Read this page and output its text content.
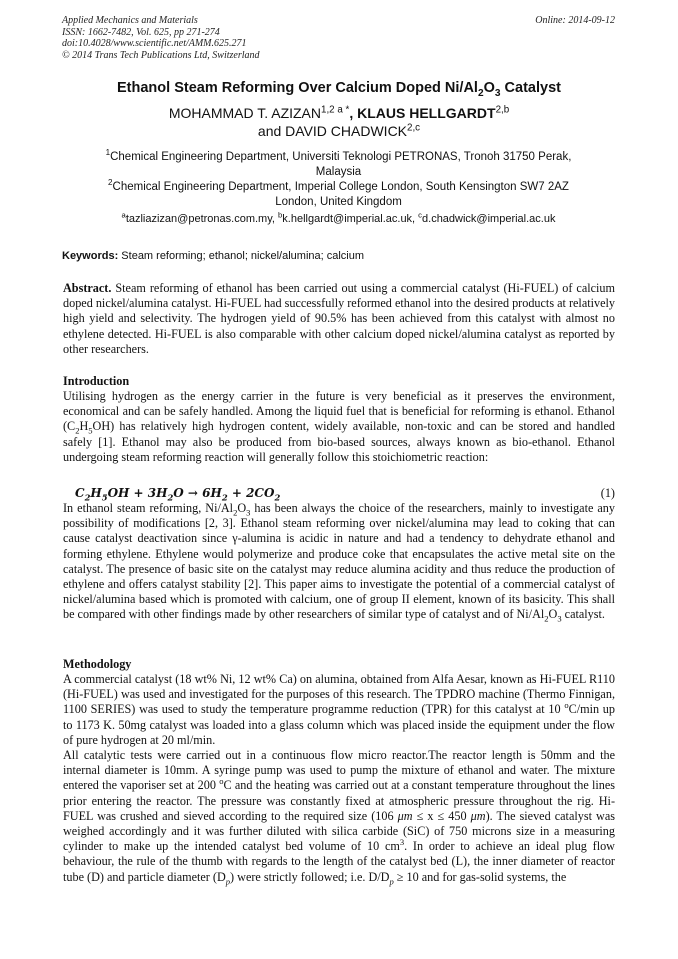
Applied Mechanics and Materials
ISSN: 1662-7482, Vol. 625, pp 271-274
doi:10.4028/www.scientific.net/AMM.625.271
© 2014 Trans Tech Publications Ltd, Switzerland
Online: 2014-09-12
Ethanol Steam Reforming Over Calcium Doped $Ni/Al_2O_3$ Catalyst
MOHAMMAD T. $AZIZAN^{1,2 a *}$, KLAUS HELLGARDT$^{2,b}$
and DAVID CHADWICK$^{2,c}$
$^1$Chemical Engineering Department, Universiti Teknologi PETRONAS, Tronoh 31750 Perak,
Malaysia
$^2$Chemical Engineering Department, Imperial College London, South Kensington SW7 2AZ
London, United Kingdom
$^a$tazliazizan@petronas.com.my, $^b$k.hellgardt@imperial.ac.uk, $^c$d.chadwick@imperial.ac.uk
Keywords: Steam reforming; ethanol; nickel/alumina; calcium

Abstract. Steam reforming of ethanol has been carried out using a commercial catalyst (Hi-FUEL) of calcium doped nickel/alumina catalyst. Hi-FUEL had successfully reformed ethanol into the desired products at relatively high yield and selectivity. The hydrogen yield of 90.5% has been achieved from this catalyst with almost no ethylene detected. Hi-FUEL is also comparable with other calcium doped nickel/alumina catalyst as reported by other researchers.

Introduction

Utilising hydrogen as the energy carrier in the future is very beneficial as it preserves the environment, economical and can be safely handled. Among the liquid fuel that is beneficial for reforming is ethanol. Ethanol $(C_2H_5OH)$ has relatively high hydrogen content, widely available, non-toxic and can be stored and handled safely [1]. Ethanol may also be produced from bio-based sources, always known as bio-ethanol. Ethanol undergoing steam reforming reaction will generally follow this stoichiometric reaction:

$C_2H_5OH + 3H_2O \to 6H_2 + 2CO_2$	(1)

In ethanol steam reforming, $Ni/Al_2O_3$ has been always the choice of the researchers, mainly to investigate any possibility of modifications [2, 3]. Ethanol steam reforming over nickel/alumina may lead to coking that can cause catalyst deactivation since γ-alumina is acidic in nature and had a tendency to dehydrate ethanol and forming ethylene. Ethylene would polymerize and produce coke that encapsulates the active metal site on the catalyst. The presence of basic site on the catalyst may reduce alumina acidity and thus reduce the production of ethylene and offers catalyst stability [2]. This paper aims to investigate the potential of a commercial catalyst of nickel/alumina based which is promoted with calcium, one of group II element, known of its basicity. This shall be compared with other findings made by other researchers of similar type of catalyst and of $Ni/Al_2O_3$ catalyst.

Methodology

A commercial catalyst (18 wt% Ni, 12 wt% Ca) on alumina, obtained from Alfa Aesar, known as Hi-FUEL R110 (Hi-FUEL) was used and investigated for the purposes of this research. The TPDRO machine (Thermo Finnigan, 1100 SERIES) was used to study the temperature programme reduction (TPR) for this catalyst at 10 $^o$C/min up to 1173 K. 50mg catalyst was loaded into a glass column which was placed inside the equipment under the flow of pure hydrogen at 20 ml/min.

All catalytic tests were carried out in a continuous flow micro reactor.The reactor length is 50mm and the internal diameter is 10mm. A syringe pump was used to pump the mixture of ethanol and water. The mixture entered the vaporiser set at 200 $^o$C and the heating was carried out at a constant temperature throughout the lines prior entering the reactor. The pressure was constantly fixed at atmospheric pressure throughout the rig. Hi-FUEL was crushed and sieved according to the required size (106 μm ≤ x ≤ 450 μm). The sieved catalyst was weighed accordingly and it was further diluted with silica carbide (SiC) of 750 microns size in a measuring cylinder to make up the intended catalyst bed volume of 10 $cm^3$. In order to achieve an ideal plug flow behaviour, the rule of the thumb with regards to the length of the catalyst bed (L), the inner diameter of reactor tube (D) and particle diameter $(D_p)$ were strictly followed; i.e. $D/D_p \ge 10$ and for gas-solid systems, the
